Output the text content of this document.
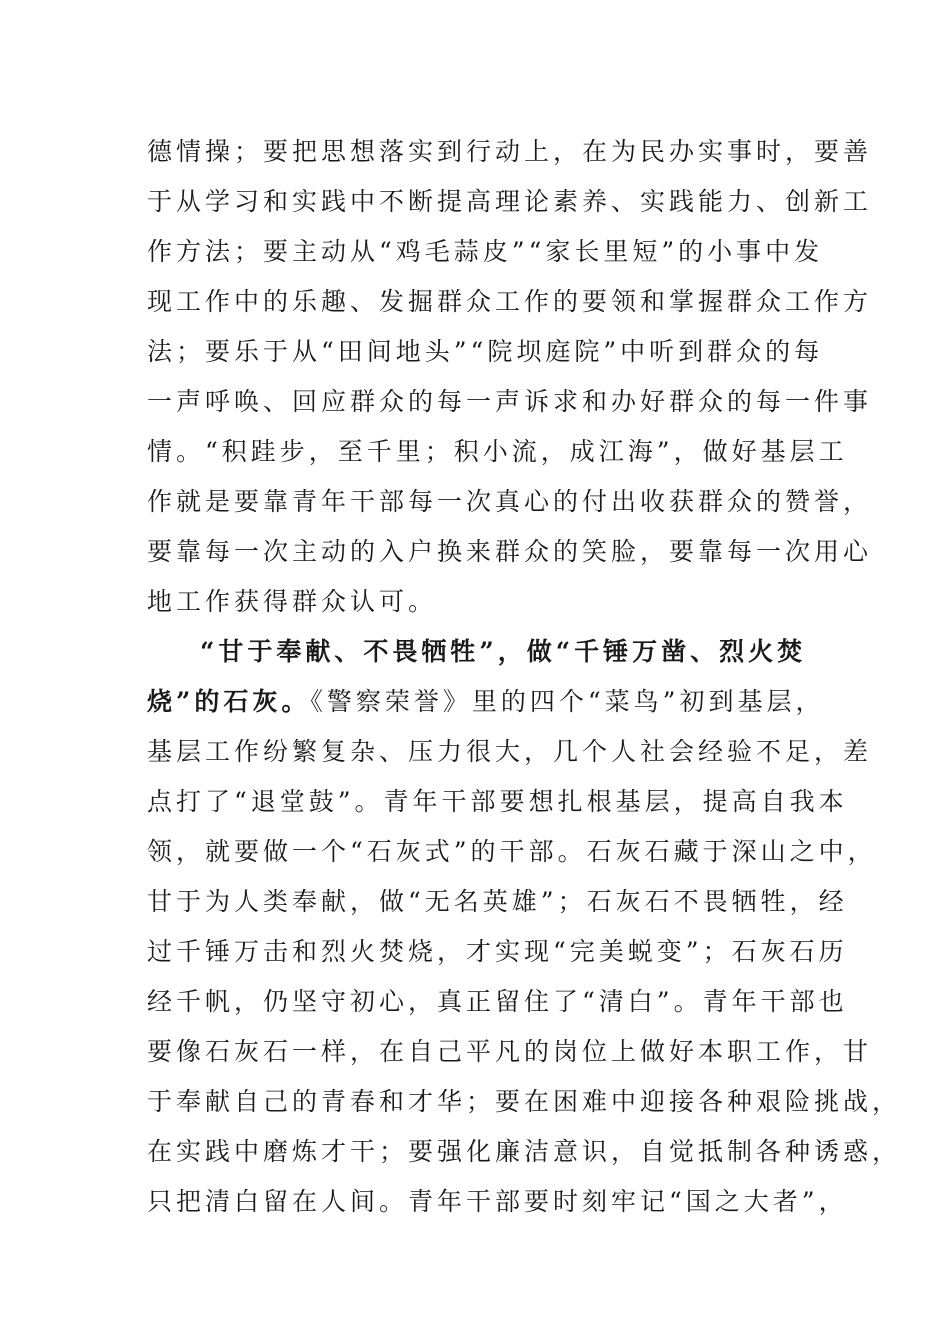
德情操；要把思想落实到行动上，在为民办实事时，要善
于从学习和实践中不断提高理论素养、实践能力、创新工
作方法；要主动从“鸡毛蒜皮”“家长里短”的小事中发
现工作中的乐趣、发掘群众工作的要领和掌握群众工作方
法；要乐于从“田间地头”“院坝庭院”中听到群众的每
一声呼唤、回应群众的每一声诉求和办好群众的每一件事
情。“积跬步，至千里；积小流，成江海”，做好基层工
作就是要靠青年干部每一次真心的付出收获群众的赞誉，
要靠每一次主动的入户换来群众的笑脸，要靠每一次用心
地工作获得群众认可。
“甘于奉献、不畏牺牲”，做“千锤万凿、烈火焚
烧”的石灰。《警察荣誉》里的四个“菜鸟”初到基层，
基层工作纷繁复杂、压力很大，几个人社会经验不足，差
点打了“退堂鼓”。青年干部要想扎根基层，提高自我本
领，就要做一个“石灰式”的干部。石灰石藏于深山之中，
甘于为人类奉献，做“无名英雄”；石灰石不畏牺牲，经
过千锤万击和烈火焚烧，才实现“完美蜕变”；石灰石历
经千帆，仍坚守初心，真正留住了“清白”。青年干部也
要像石灰石一样，在自己平凡的岗位上做好本职工作，甘
于奉献自己的青春和才华；要在困难中迎接各种艰险挑战，
在实践中磨炼才干；要强化廉洁意识，自觉抵制各种诱惑，
只把清白留在人间。青年干部要时刻牢记“国之大者”，
